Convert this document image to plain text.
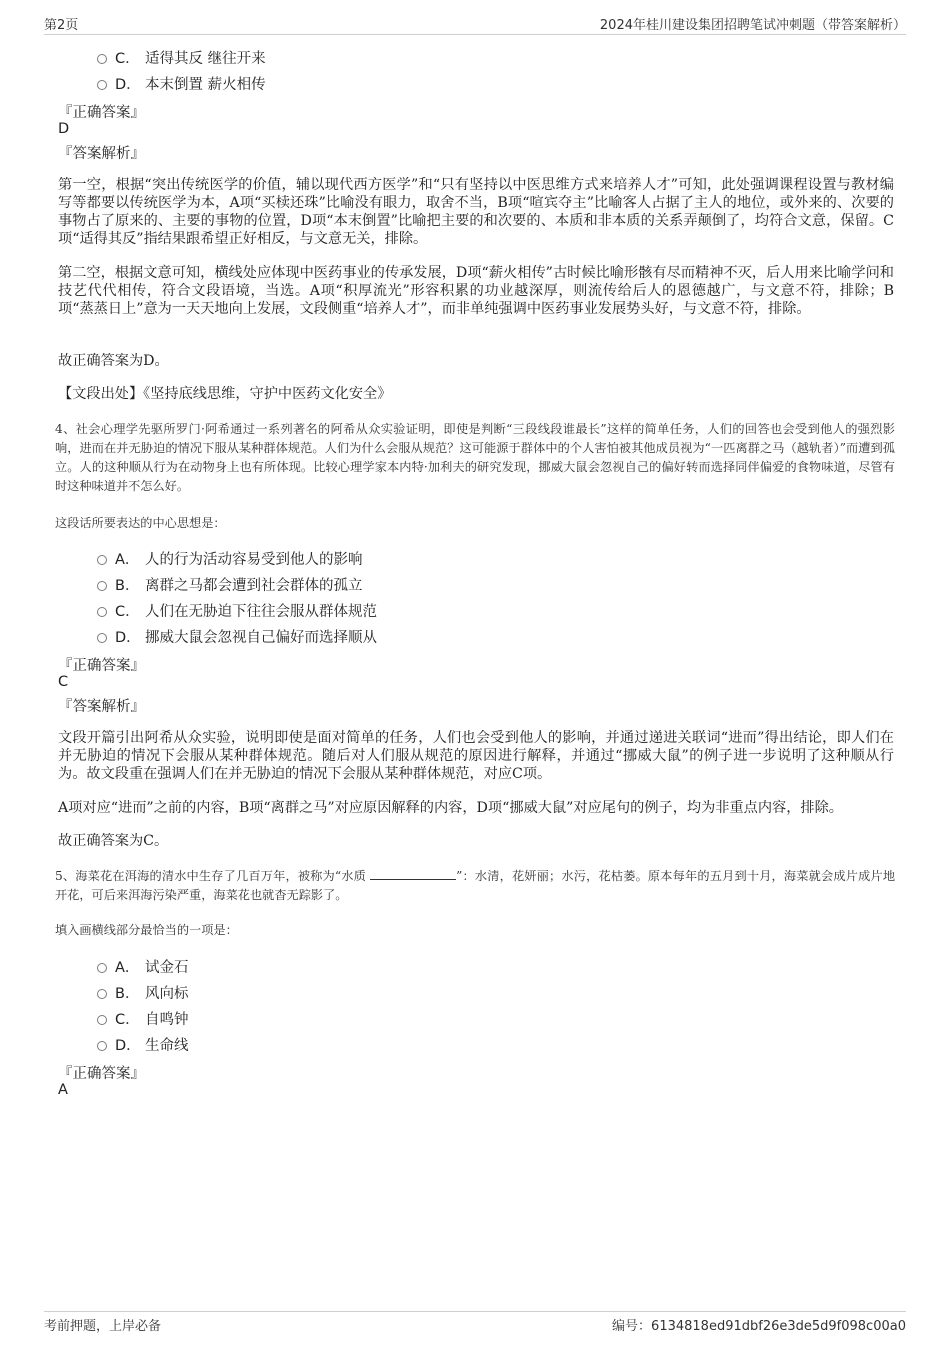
第2页	2024年桂川建设集团招聘笔试冲刺题（带答案解析）
C． 适得其反 继往开来
D． 本末倒置 薪火相传
『正确答案』
D
『答案解析』
第一空，根据“突出传统医学的价值，辅以现代西方医学”和“只有坚持以中医思维方式来培养人才”可知，此处强调课程设置与教材编写等都要以传统医学为本，A项“买椟还珠”比喻没有眼力，取舍不当，B项“喧宾夺主”比喻客人占据了主人的地位，或外来的、次要的事物占了原来的、主要的事物的位置，D项“本末倒置”比喻把主要的和次要的、本质和非本质的关系弄颠倒了，均符合文意，保留。C项“适得其反”指结果跟希望正好相反，与文意无关，排除。
第二空，根据文意可知，横线处应体现中医药事业的传承发展，D项“薪火相传”古时候比喻形骸有尽而精神不灭，后人用来比喻学问和技艺代代相传，符合文段语境，当选。A项“积厚流光”形容积累的功业越深厚，则流传给后人的恩德越广，与文意不符，排除；B项“蒸蒸日上”意为一天天地向上发展，文段侧重“培养人才”，而非单纯强调中医药事业发展势头好，与文意不符，排除。
故正确答案为D。
【文段出处】《坚持底线思维，守护中医药文化安全》
4、社会心理学先驱所罗门·阿希通过一系列著名的阿希从众实验证明，即使是判断“三段线段谁最长”这样的简单任务，人们的回答也会受到他人的强烈影响，进而在并无胁迫的情况下服从某种群体规范。人们为什么会服从规范？这可能源于群体中的个人害怕被其他成员视为“一匹离群之马（越轨者）”而遭到孤立。人的这种顺从行为在动物身上也有所体现。比较心理学家本内特·加利夫的研究发现，挪威大鼠会忽视自己的偏好转而选择同伴偏爱的食物味道，尽管有时这种味道并不怎么好。
这段话所要表达的中心思想是：
A． 人的行为活动容易受到他人的影响
B． 离群之马都会遭到社会群体的孤立
C． 人们在无胁迫下往往会服从群体规范
D． 挪威大鼠会忽视自己偏好而选择顺从
『正确答案』
C
『答案解析』
文段开篇引出阿希从众实验，说明即使是面对简单的任务，人们也会受到他人的影响，并通过递进关联词“进而”得出结论，即人们在并无胁迫的情况下会服从某种群体规范。随后对人们服从规范的原因进行解释，并通过“挪威大鼠”的例子进一步说明了这种顺从行为。故文段重在强调人们在并无胁迫的情况下会服从某种群体规范，对应C项。
A项对应“进而”之前的内容，B项“离群之马”对应原因解释的内容，D项“挪威大鼠”对应尾句的例子，均为非重点内容，排除。
故正确答案为C。
5、海菜花在洱海的清水中生存了几百万年，被称为“水质	”：水清，花妍丽；水污，花枯萎。原本每年的五月到十月，海菜就会成片成片地开花，可后来洱海污染严重，海菜花也就杳无踪影了。
填入画横线部分最恰当的一项是：
A． 试金石
B． 风向标
C． 自鸣钟
D． 生命线
『正确答案』
A
考前押题，上岸必备	编号：6134818ed91dbf26e3de5d9f098c00a0
